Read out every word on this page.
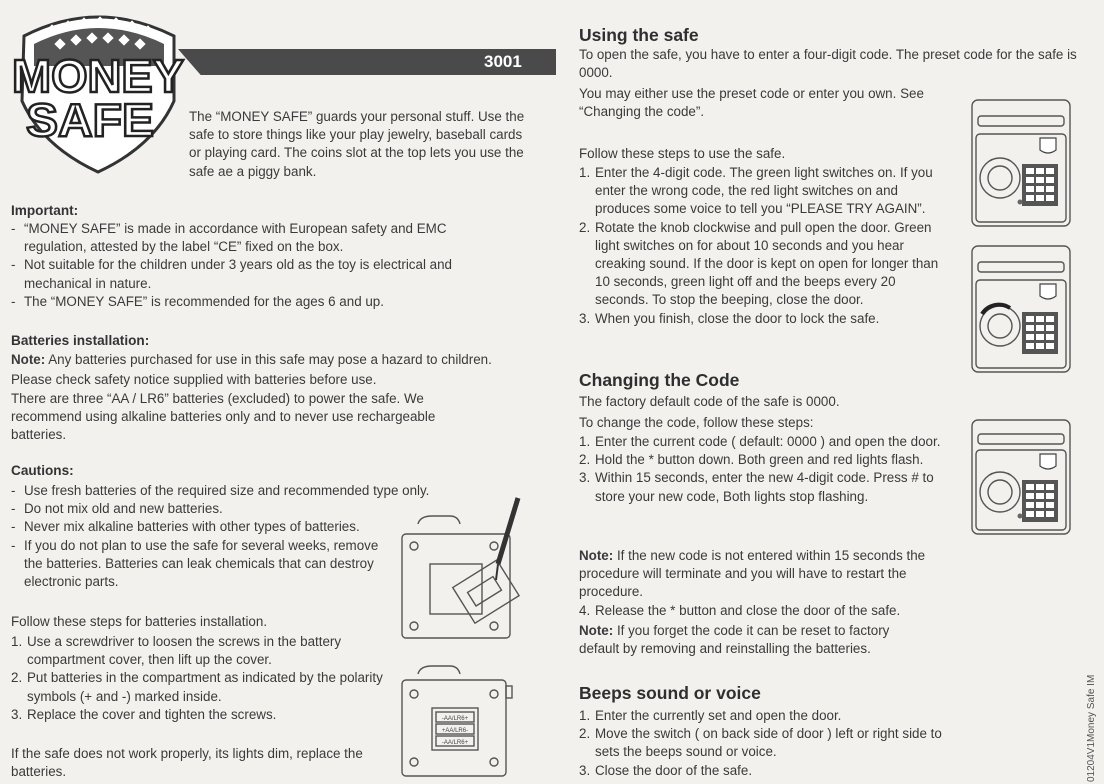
MONEY
SAFE
3001
The “MONEY SAFE” guards your personal stuff. Use the safe to store things like your play jewelry, baseball cards or playing card. The coins slot at the top lets you use the safe ae a piggy bank.
Important:
- “MONEY SAFE” is made in accordance with European safety and EMC regulation, attested by the label “CE” fixed on the box.
- Not suitable for the children under 3 years old as the toy is electrical and mechanical in nature.
- The “MONEY SAFE” is recommended for the ages 6 and up.
Batteries installation:
Note: Any batteries purchased for use in this safe may pose a hazard to children.
Please check safety notice supplied with batteries before use.
There are three “AA / LR6” batteries (excluded) to power the safe. We recommend using alkaline batteries only and to never use rechargeable batteries.
Cautions:
- Use fresh batteries of the required size and recommended type only.
- Do not mix old and new batteries.
- Never mix alkaline batteries with other types of batteries.
- If you do not plan to use the safe for several weeks, remove the batteries. Batteries can leak chemicals that can destroy electronic parts.
Follow these steps for batteries installation.
1. Use a screwdriver to loosen the screws in the battery compartment cover, then lift up the cover.
2. Put batteries in the compartment as indicated by the polarity symbols (+ and -) marked inside.
3. Replace the cover and tighten the screws.
If the safe does not work properly, its lights dim, replace the batteries.
-AA/LR6+
+AA/LR6-
-AA/LR6+
Using the safe
To open the safe, you have to enter a four-digit code. The preset code for the safe is 0000.
You may either use the preset code or enter you own. See “Changing the code”.
Follow these steps to use the safe.
1. Enter the 4-digit code. The green light switches on. If you enter the wrong code, the red light switches on and produces some voice to tell you “PLEASE TRY AGAIN”.
2. Rotate the knob clockwise and pull open the door. Green light switches on for about 10 seconds and you hear creaking sound. If the door is kept on open for longer than 10 seconds, green light off and the beeps every 20 seconds. To stop the beeping, close the door.
3. When you finish, close the door to lock the safe.
Changing the Code
The factory default code of the safe is 0000.
To change the code, follow these steps:
1. Enter the current code ( default: 0000 ) and open the door.
2. Hold the * button down. Both green and red lights flash.
3. Within 15 seconds, enter the new 4-digit code. Press # to store your new code, Both lights stop flashing.
Note: If the new code is not entered within 15 seconds the procedure will terminate and you will have to restart the procedure.
4. Release the * button and close the door of the safe.
Note: If you forget the code it can be reset to factory default by removing and reinstalling the batteries.
Beeps sound or voice
1. Enter the currently set and open the door.
2. Move the switch ( on back side of door ) left or right side to sets the beeps sound or voice.
3. Close the door of the safe.	01204V1Money Safe IM
